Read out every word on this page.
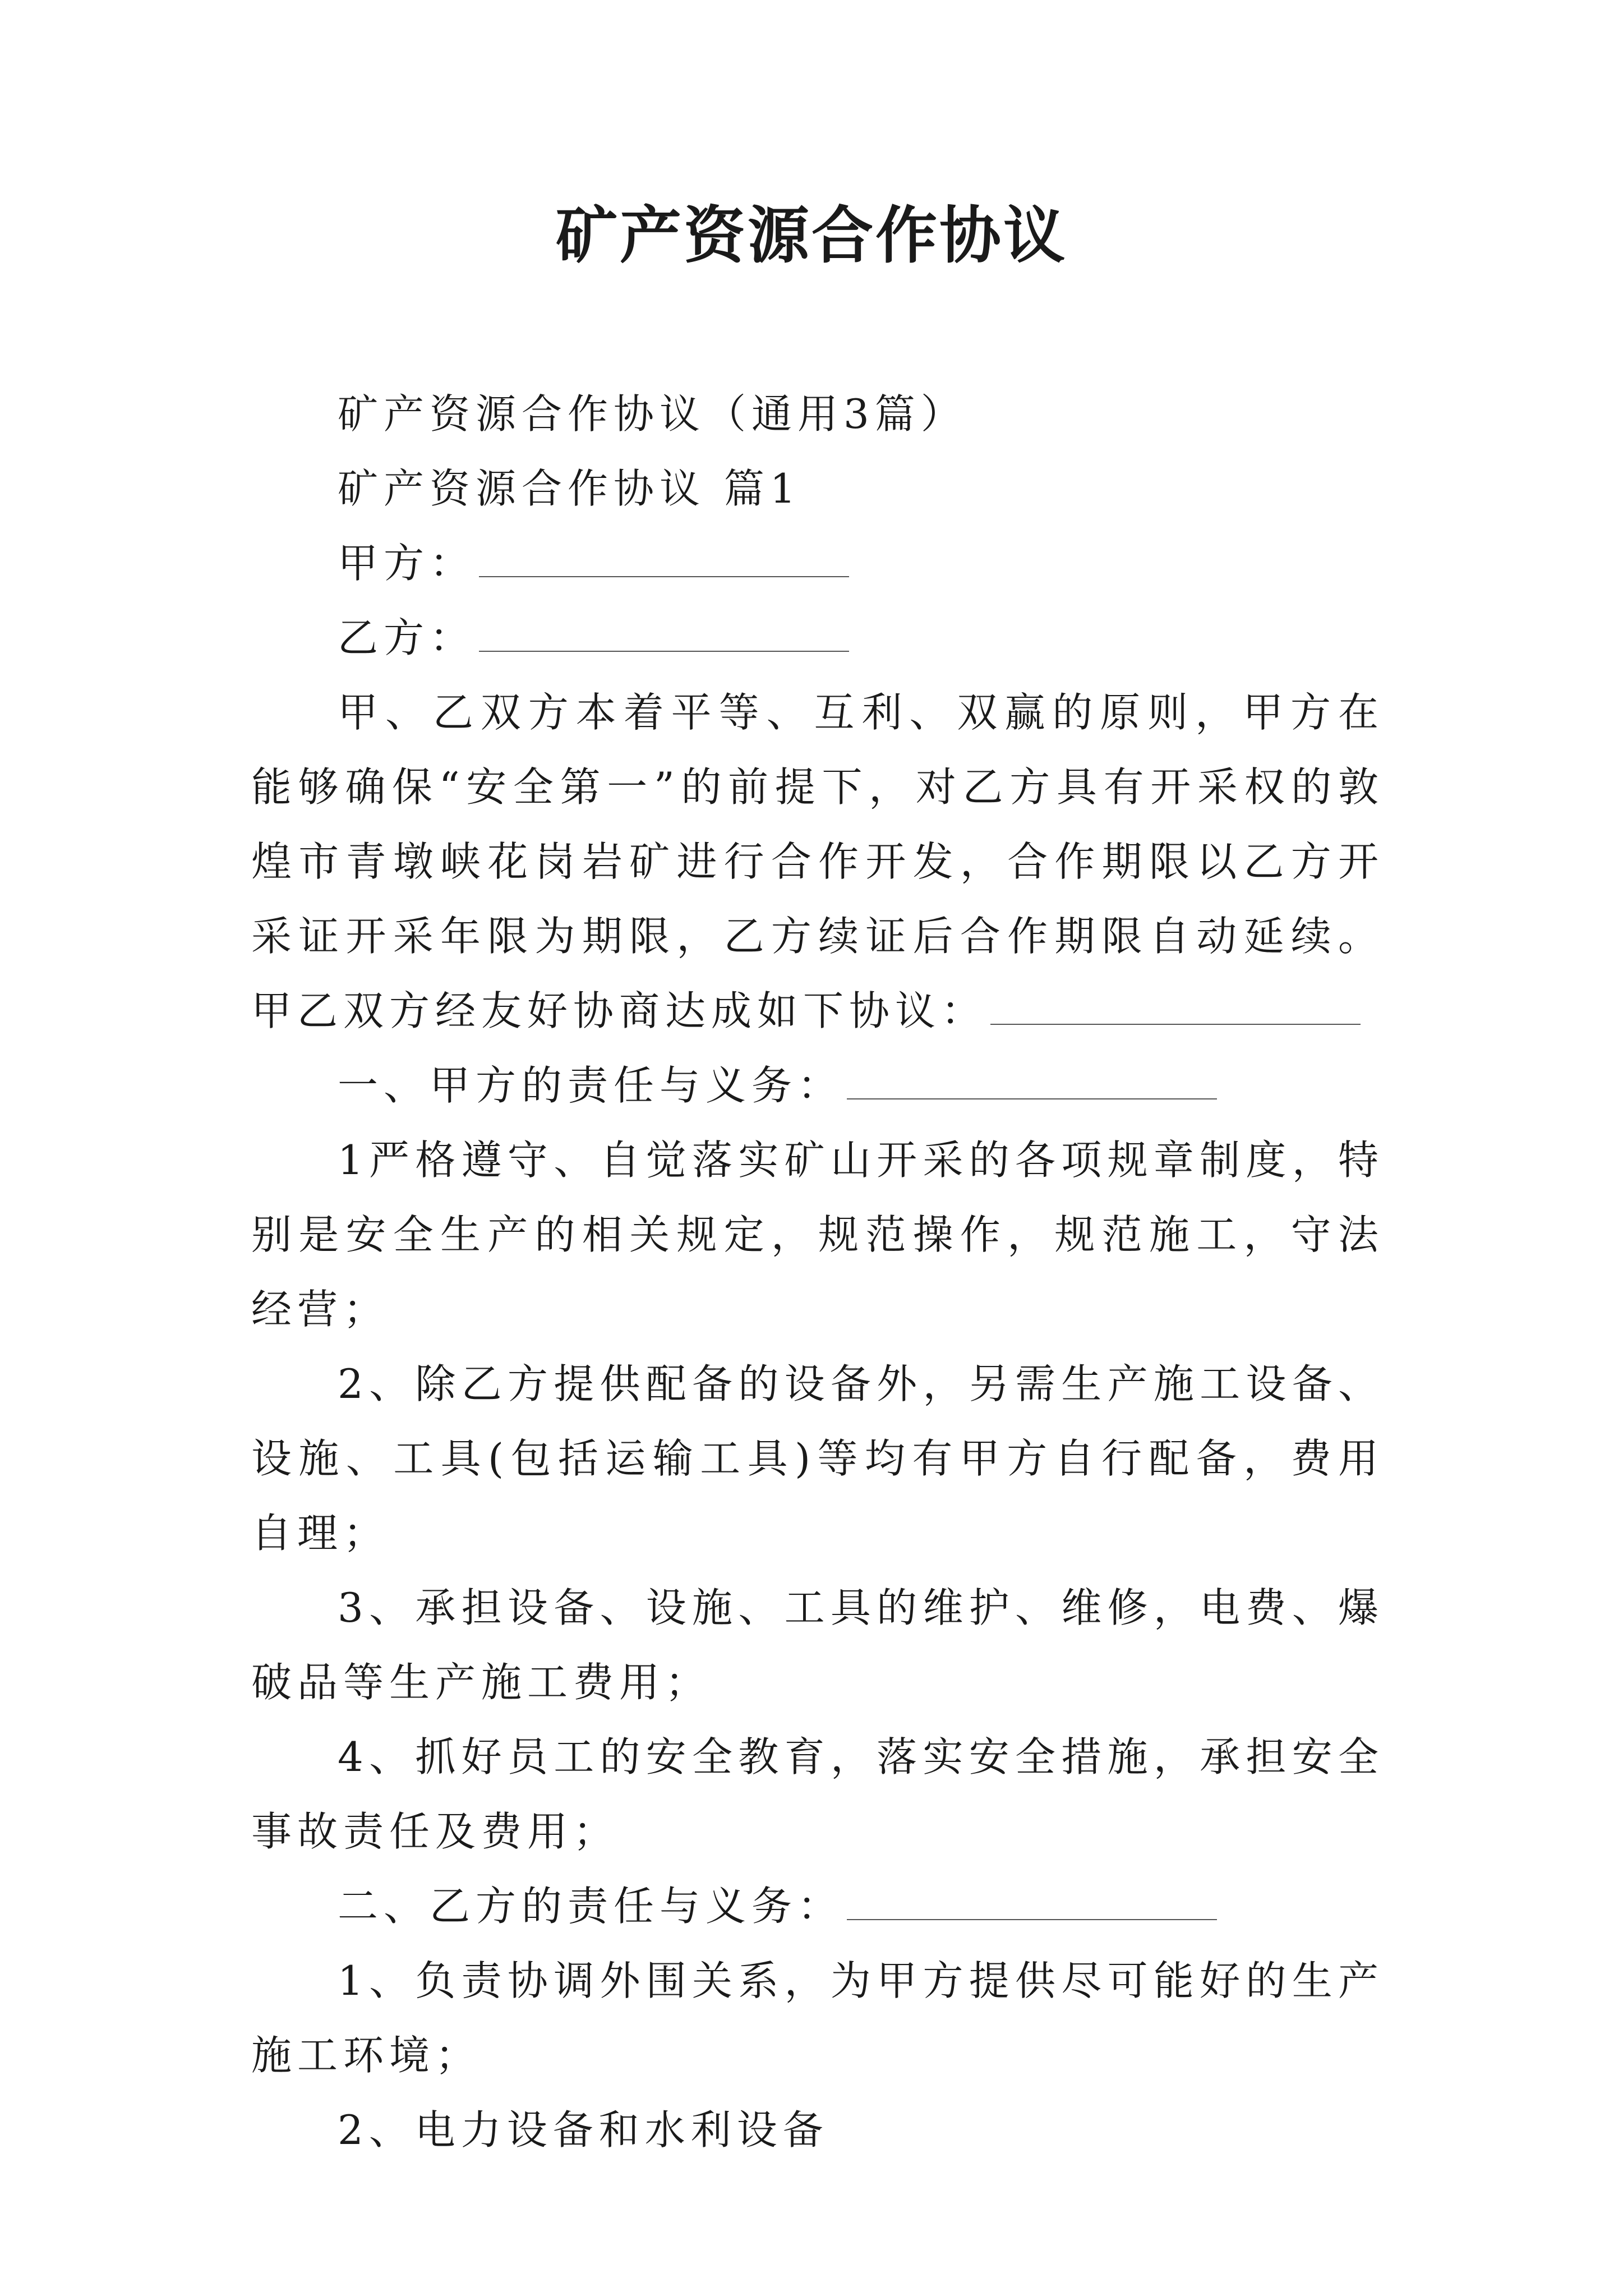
矿产资源合作协议

矿产资源合作协议（通用3篇）

矿产资源合作协议 篇1

甲方：

乙方：

甲、乙双方本着平等、互利、双赢的原则，甲方在能够确保“安全第一”的前提下，对乙方具有开采权的敦煌市青墩峡花岗岩矿进行合作开发，合作期限以乙方开采证开采年限为期限，乙方续证后合作期限自动延续。甲乙双方经友好协商达成如下协议：

一、甲方的责任与义务：

1严格遵守、自觉落实矿山开采的各项规章制度，特别是安全生产的相关规定，规范操作，规范施工，守法经营；

2、除乙方提供配备的设备外，另需生产施工设备、设施、工具(包括运输工具)等均有甲方自行配备，费用自理；

3、承担设备、设施、工具的维护、维修，电费、爆破品等生产施工费用；

4、抓好员工的安全教育，落实安全措施，承担安全事故责任及费用；

二、乙方的责任与义务：

1、负责协调外围关系，为甲方提供尽可能好的生产施工环境；

2、电力设备和水利设备
